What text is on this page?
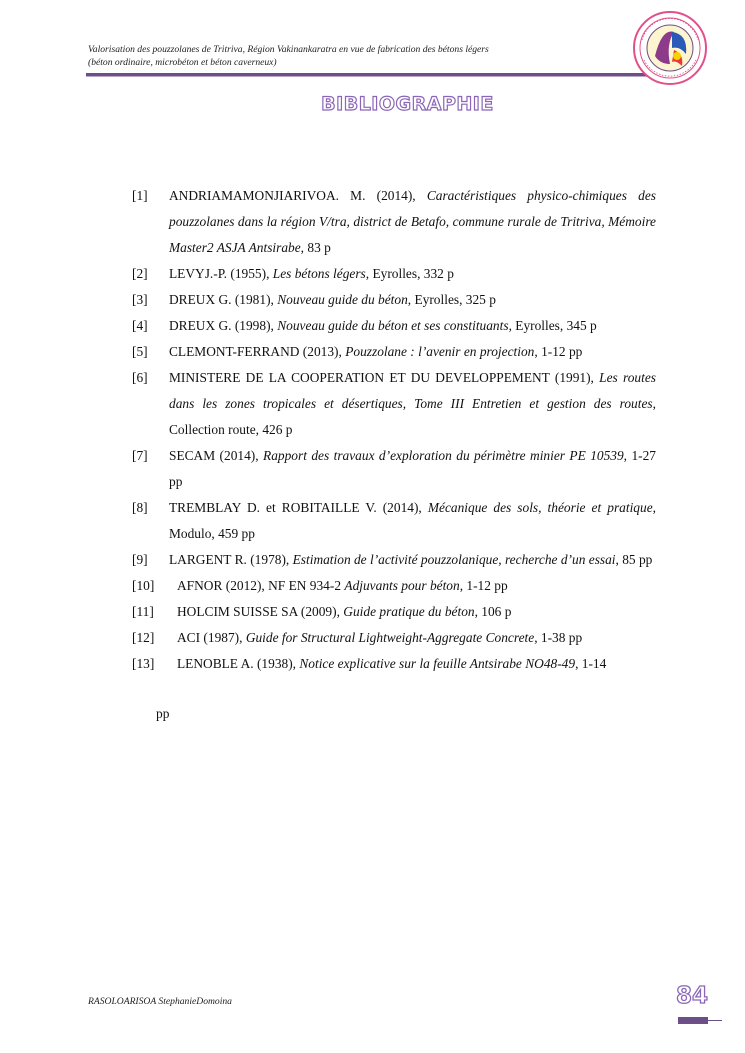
Valorisation des pouzzolanes de Tritriva, Région Vakinankaratra en vue de fabrication des bétons légers
(béton ordinaire, microbéton et béton caverneux)
BIBLIOGRAPHIE
[1]	ANDRIAMAMONJIARIVOA. M. (2014), Caractéristiques physico-chimiques des pouzzolanes dans la région V/tra, district de Betafo, commune rurale de Tritriva, Mémoire Master2 ASJA Antsirabe, 83 p
[2]	LEVYJ.-P. (1955), Les bétons légers, Eyrolles, 332 p
[3]	DREUX G. (1981), Nouveau guide du béton, Eyrolles, 325 p
[4]	DREUX G. (1998), Nouveau guide du béton et ses constituants, Eyrolles, 345 p
[5]	CLEMONT-FERRAND (2013), Pouzzolane : l’avenir en projection, 1-12 pp
[6]	MINISTERE DE LA COOPERATION ET DU DEVELOPPEMENT (1991), Les routes dans les zones tropicales et désertiques, Tome III Entretien et gestion des routes, Collection route, 426 p
[7]	SECAM (2014), Rapport des travaux d’exploration du périmètre minier PE 10539, 1-27 pp
[8]	TREMBLAY D. et ROBITAILLE V. (2014), Mécanique des sols, théorie et pratique, Modulo, 459 pp
[9]	LARGENT R. (1978), Estimation de l’activité pouzzolanique, recherche d’un essai, 85 pp
[10]	AFNOR (2012), NF EN 934-2 Adjuvants pour béton, 1-12 pp
[11]	HOLCIM SUISSE SA (2009), Guide pratique du béton, 106 p
[12]	ACI (1987), Guide for Structural Lightweight-Aggregate Concrete, 1-38 pp
[13]	LENOBLE A. (1938), Notice explicative sur la feuille Antsirabe NO48-49, 1-14
pp
RASOLOARISOA StephanieDomoina	84
